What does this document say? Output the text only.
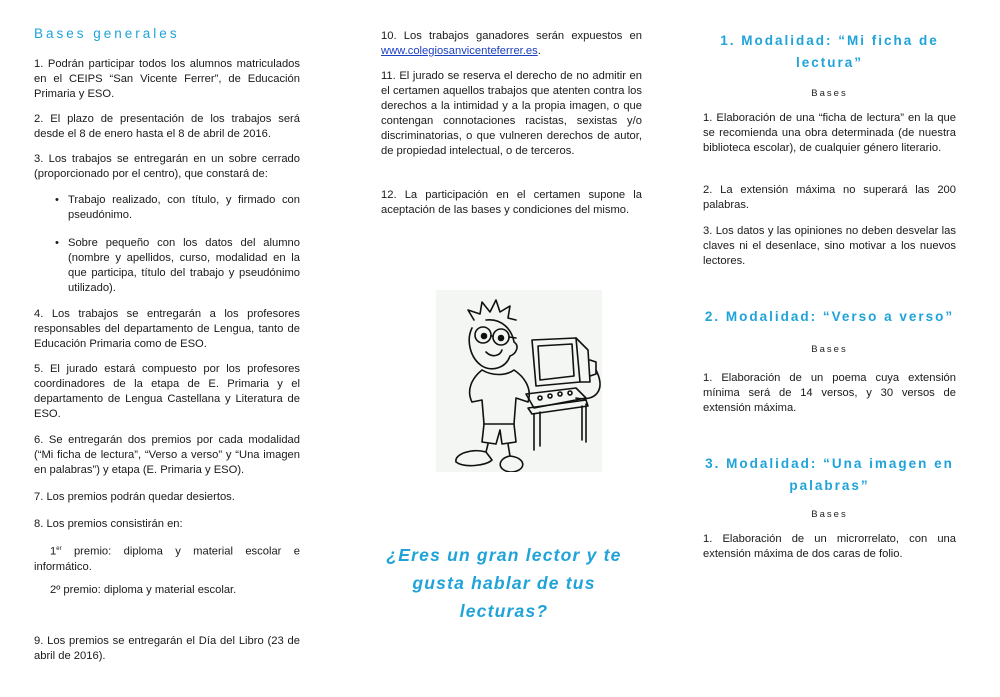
Bases generales

1. Podrán participar todos los alumnos matriculados en el CEIPS “San Vicente Ferrer”, de Educación Primaria y ESO.

2. El plazo de presentación de los trabajos será desde el 8 de enero hasta el 8 de abril de 2016.

3. Los trabajos se entregarán en un sobre cerrado (proporcionado por el centro), que constará de:

• Trabajo realizado, con título, y firmado con pseudónimo.

• Sobre pequeño con los datos del alumno (nombre y apellidos, curso, modalidad en la que participa, título del trabajo y pseudónimo utilizado).

4. Los trabajos se entregarán a los profesores responsables del departamento de Lengua, tanto de Educación Primaria como de ESO.

5. El jurado estará compuesto por los profesores coordinadores de la etapa de E. Primaria y el departamento de Lengua Castellana y Literatura de ESO.

6. Se entregarán dos premios por cada modalidad (“Mi ficha de lectura”, “Verso a verso” y “Una imagen en palabras”) y etapa (E. Primaria y ESO).

7. Los premios podrán quedar desiertos.

8. Los premios consistirán en:

1er premio: diploma y material escolar e informático.

2º premio: diploma y material escolar.

9. Los premios se entregarán el Día del Libro (23 de abril de 2016).

10. Los trabajos ganadores serán expuestos en www.colegiosanvicenteferrer.es.

11. El jurado se reserva el derecho de no admitir en el certamen aquellos trabajos que atenten contra los derechos a la intimidad y a la propia imagen, o que contengan connotaciones racistas, sexistas y/o discriminatorias, o que vulneren derechos de autor, de propiedad intelectual, o de terceros.

12. La participación en el certamen supone la aceptación de las bases y condiciones del mismo.

¿Eres un gran lector y te
gusta hablar de tus
lecturas?
1. Modalidad: “Mi ficha de
lectura”
Bases

1. Elaboración de una “ficha de lectura” en la que se recomienda una obra determinada (de nuestra biblioteca escolar), de cualquier género literario.

2. La extensión máxima no superará las 200 palabras.

3. Los datos y las opiniones no deben desvelar las claves ni el desenlace, sino motivar a los nuevos lectores.

2. Modalidad: “Verso a verso”
Bases

1. Elaboración de un poema cuya extensión mínima será de 14 versos, y 30 versos de extensión máxima.

3. Modalidad: “Una imagen en
palabras”
Bases

1. Elaboración de un microrrelato, con una extensión máxima de dos caras de folio.
